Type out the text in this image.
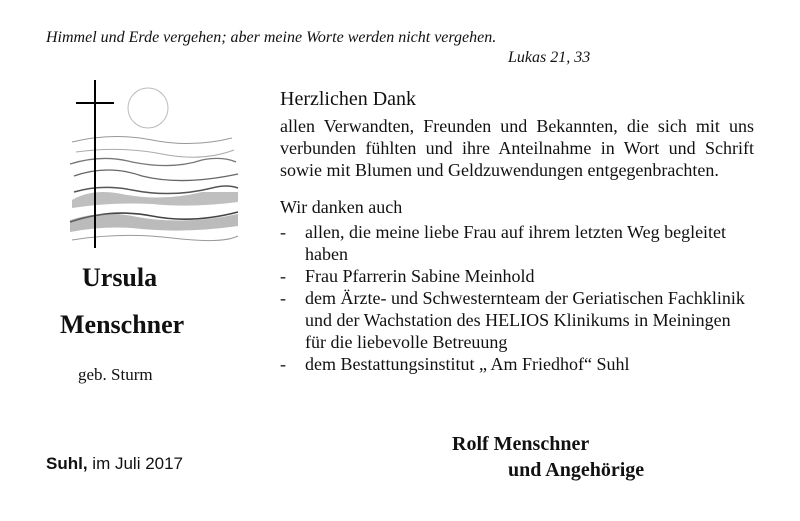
Himmel und Erde vergehen; aber meine Worte werden nicht vergehen.
Lukas 21, 33
Ursula
Menschner
geb. Sturm
Suhl, im Juli 2017
Herzlichen Dank
allen Verwandten, Freunden und Bekannten, die sich mit uns verbunden fühlten und ihre Anteilnahme in Wort und Schrift sowie mit Blumen und Geldzuwendungen entgegenbrachten.
Wir danken auch
- allen, die meine liebe Frau auf ihrem letzten Weg begleitet haben
- Frau Pfarrerin Sabine Meinhold
- dem Ärzte- und Schwesternteam der Geriatischen Fachklinik und der Wachstation des HELIOS Klinikums in Meiningen für die liebevolle Betreuung
- dem Bestattungsinstitut „ Am Friedhof“ Suhl
Rolf Menschner
und Angehörige
